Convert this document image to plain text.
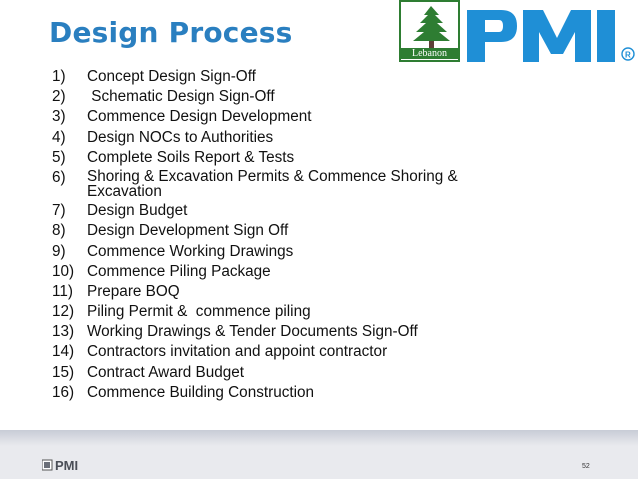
Design Process
Lebanon	R
1)	Concept Design Sign-Off
2)	Schematic Design Sign-Off
3)	Commence Design Development
4)	Design NOCs to Authorities
5)	Complete Soils Report & Tests
6)	Shoring & Excavation Permits & Commence Shoring & Excavation
7)	Design Budget
8)	Design Development Sign Off
9)	Commence Working Drawings
10) Commence Piling Package
11) Prepare BOQ
12) Piling Permit &  commence piling
13) Working Drawings & Tender Documents Sign-Off
14) Contractors invitation and appoint contractor
15) Contract Award Budget
16) Commence Building Construction
PMI	52
